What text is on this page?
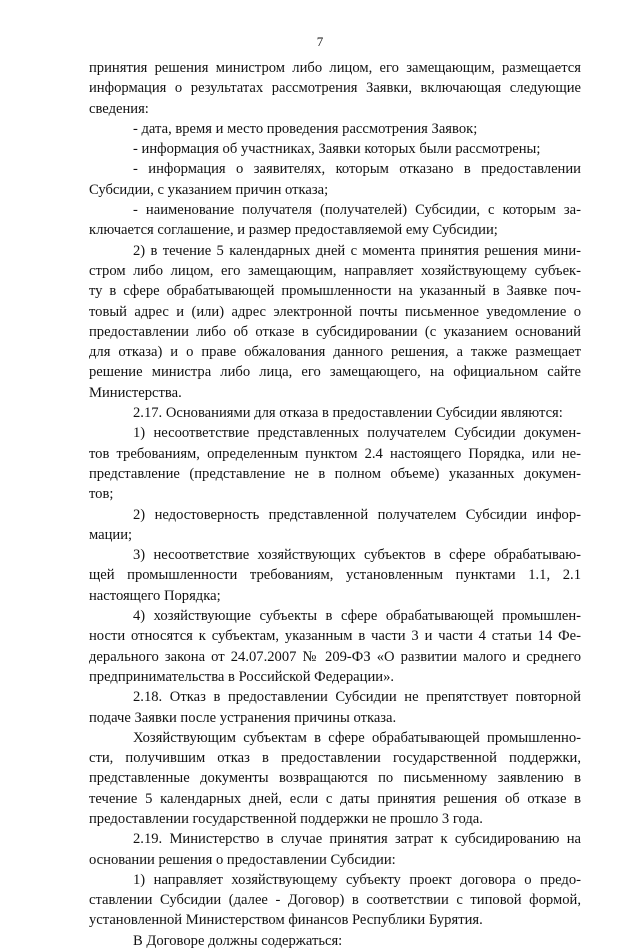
7
принятия решения министром либо лицом, его замещающим, размещается
информация о результатах рассмотрения Заявки, включающая следующие
сведения:
- дата, время и место проведения рассмотрения Заявок;
- информация об участниках, Заявки которых были рассмотрены;
- информация о заявителях, которым отказано в предоставлении
Субсидии, с указанием причин отказа;
- наименование получателя (получателей) Субсидии, с которым за-
ключается соглашение, и размер предоставляемой ему Субсидии;
2) в течение 5 календарных дней с момента принятия решения мини-
стром либо лицом, его замещающим, направляет хозяйствующему субъек-
ту в сфере обрабатывающей промышленности на указанный в Заявке поч-
товый адрес и (или) адрес электронной почты письменное уведомление о
предоставлении либо об отказе в субсидировании (с указанием оснований
для отказа) и о праве обжалования данного решения, а также размещает
решение министра либо лица, его замещающего, на официальном сайте
Министерства.
2.17. Основаниями для отказа в предоставлении Субсидии являются:
1) несоответствие представленных получателем Субсидии докумен-
тов требованиям, определенным пунктом 2.4 настоящего Порядка, или не-
представление (представление не в полном объеме) указанных докумен-
тов;
2) недостоверность представленной получателем Субсидии инфор-
мации;
3) несоответствие хозяйствующих субъектов в сфере обрабатываю-
щей промышленности требованиям, установленным пунктами 1.1, 2.1
настоящего Порядка;
4) хозяйствующие субъекты в сфере обрабатывающей промышлен-
ности относятся к субъектам, указанным в части 3 и части 4 статьи 14 Фе-
дерального закона от 24.07.2007 № 209-ФЗ «О развитии малого и среднего
предпринимательства в Российской Федерации».
2.18. Отказ в предоставлении Субсидии не препятствует повторной
подаче Заявки после устранения причины отказа.
Хозяйствующим субъектам в сфере обрабатывающей промышленно-
сти, получившим отказ в предоставлении государственной поддержки,
представленные документы возвращаются по письменному заявлению в
течение 5 календарных дней, если с даты принятия решения об отказе в
предоставлении государственной поддержки не прошло 3 года.
2.19. Министерство в случае принятия затрат к субсидированию на
основании решения о предоставлении Субсидии:
1) направляет хозяйствующему субъекту проект договора о предо-
ставлении Субсидии (далее - Договор) в соответствии с типовой формой,
установленной Министерством финансов Республики Бурятия.
В Договоре должны содержаться:
